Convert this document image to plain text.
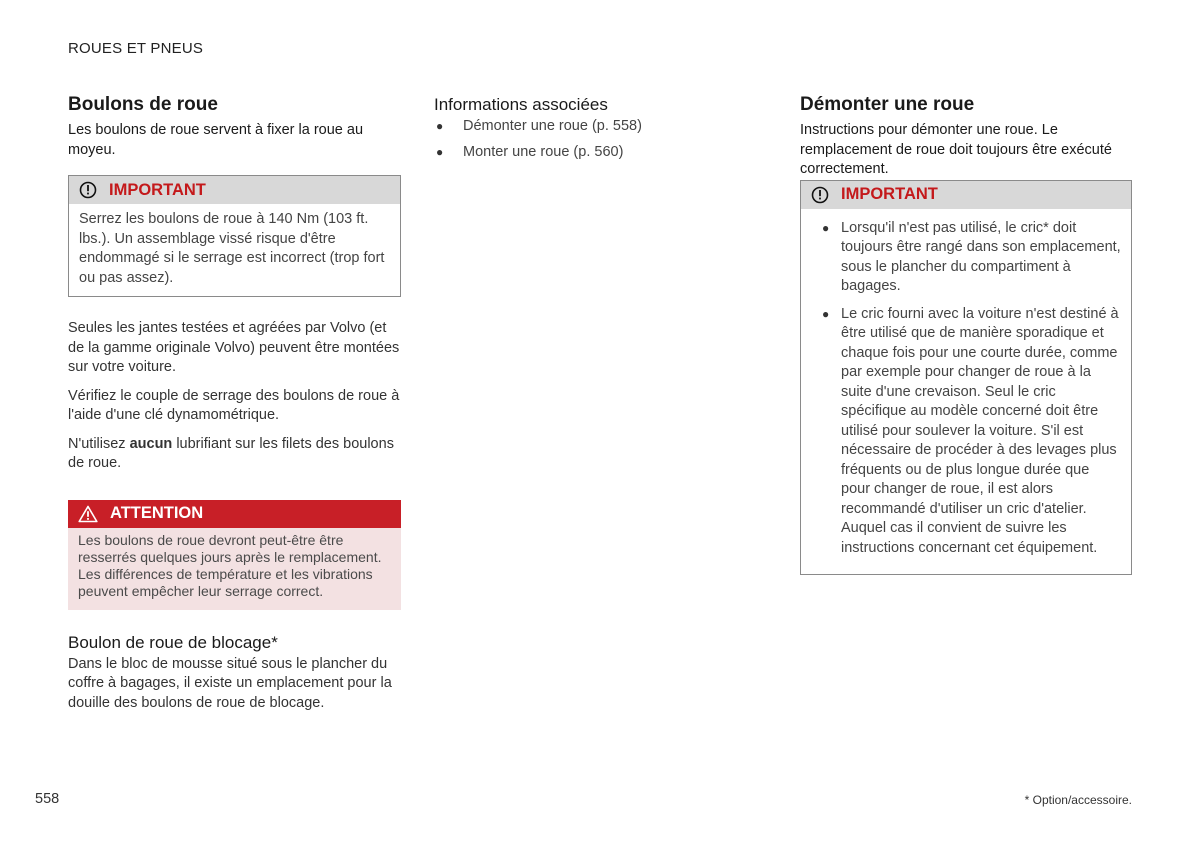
ROUES ET PNEUS
Boulons de roue

Les boulons de roue servent à fixer la roue au moyeu.

IMPORTANT
Serrez les boulons de roue à 140 Nm (103 ft. lbs.). Un assemblage vissé risque d'être endommagé si le serrage est incorrect (trop fort ou pas assez).

Seules les jantes testées et agréées par Volvo (et de la gamme originale Volvo) peuvent être montées sur votre voiture.

Vérifiez le couple de serrage des boulons de roue à l'aide d'une clé dynamométrique.

N'utilisez aucun lubrifiant sur les filets des boulons de roue.

ATTENTION
Les boulons de roue devront peut-être être resserrés quelques jours après le remplacement. Les différences de température et les vibrations peuvent empêcher leur serrage correct.
Boulon de roue de blocage*

Dans le bloc de mousse situé sous le plancher du coffre à bagages, il existe un emplacement pour la douille des boulons de roue de blocage.

Informations associées
● Démonter une roue (p. 558)
● Monter une roue (p. 560)
Démonter une roue

Instructions pour démonter une roue. Le remplacement de roue doit toujours être exécuté correctement.

IMPORTANT
● Lorsqu'il n'est pas utilisé, le cric* doit toujours être rangé dans son emplacement, sous le plancher du compartiment à bagages.
● Le cric fourni avec la voiture n'est destiné à être utilisé que de manière sporadique et chaque fois pour une courte durée, comme par exemple pour changer de roue à la suite d'une crevaison. Seul le cric spécifique au modèle concerné doit être utilisé pour soulever la voiture. S'il est nécessaire de procéder à des levages plus fréquents ou de plus longue durée que pour changer de roue, il est alors recommandé d'utiliser un cric d'atelier. Auquel cas il convient de suivre les instructions concernant cet équipement.
558	* Option/accessoire.
